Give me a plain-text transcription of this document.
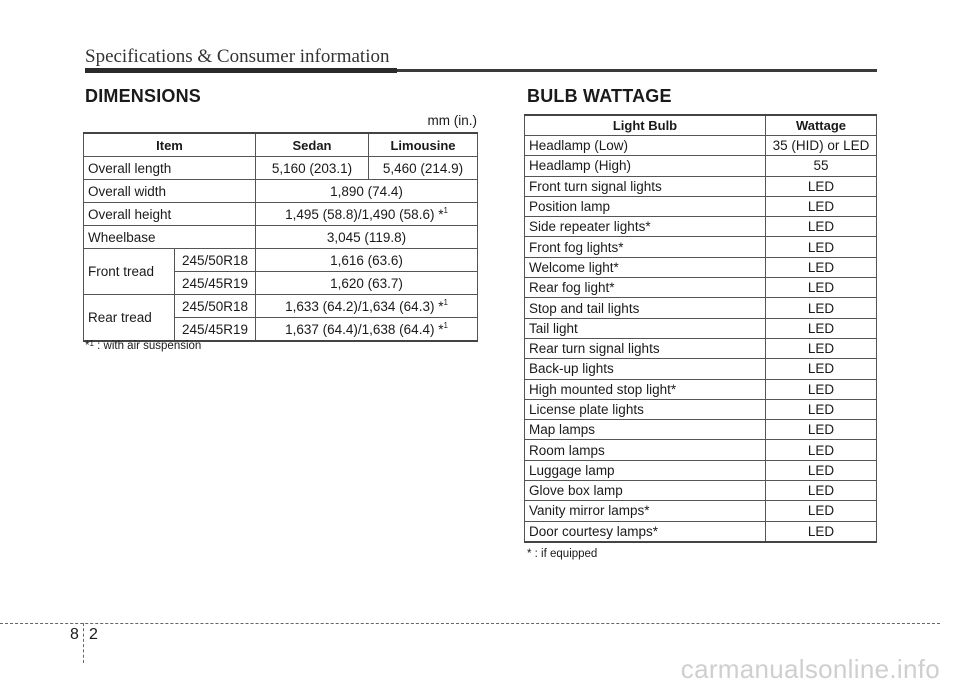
Specifications & Consumer information
DIMENSIONS
mm (in.)
Item		Sedan	Limousine
Overall length		5,160 (203.1)	5,460 (214.9)
Overall width		1,890 (74.4)	
Overall height		1,495 (58.8)/1,490 (58.6) *$^1$
Wheelbase		3,045 (119.8)	
Front tread	245/50R18	1,616 (63.6)	
	245/45R19	1,620 (63.7)	
Rear tread	245/50R18	1,633 (64.2)/1,634 (64.3) *$^1$
	245/45R19	1,637 (64.4)/1,638 (64.4) *$^1$
*$^1$ : with air suspension
BULB WATTAGE
Light Bulb	Wattage
Headlamp (Low)	35 (HID) or LED
Headlamp (High)	55
Front turn signal lights	LED
Position lamp	LED
Side repeater lights*	LED
Front fog lights*	LED
Welcome light*	LED
Rear fog light*	LED
Stop and tail lights	LED
Tail light	LED
Rear turn signal lights	LED
Back-up lights	LED
High mounted stop light*	LED
License plate lights	LED
Map lamps	LED
Room lamps	LED
Luggage lamp	LED
Glove box lamp	LED
Vanity mirror lamps*	LED
Door courtesy lamps*	LED
* : if equipped
8 2
carmanualsonline.info
